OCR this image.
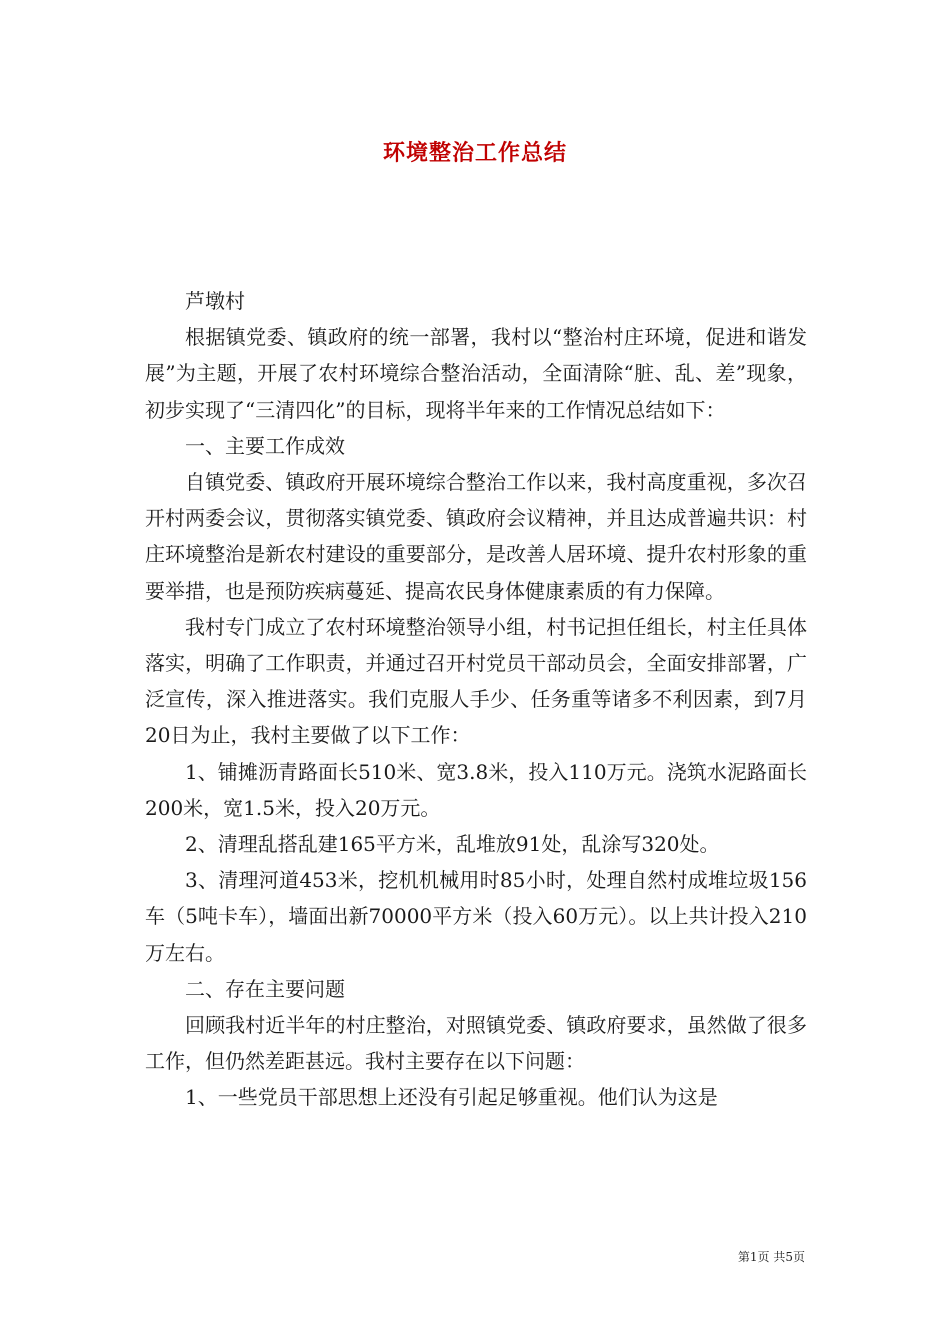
环境整治工作总结

芦墩村

根据镇党委、镇政府的统一部署，我村以“整治村庄环境，促进和谐发展”为主题，开展了农村环境综合整治活动，全面清除“脏、乱、差”现象，初步实现了“三清四化”的目标，现将半年来的工作情况总结如下：

一、主要工作成效

自镇党委、镇政府开展环境综合整治工作以来，我村高度重视，多次召开村两委会议，贯彻落实镇党委、镇政府会议精神，并且达成普遍共识：村庄环境整治是新农村建设的重要部分，是改善人居环境、提升农村形象的重要举措，也是预防疾病蔓延、提高农民身体健康素质的有力保障。

我村专门成立了农村环境整治领导小组，村书记担任组长，村主任具体落实，明确了工作职责，并通过召开村党员干部动员会，全面安排部署，广泛宣传，深入推进落实。我们克服人手少、任务重等诸多不利因素，到7月20日为止，我村主要做了以下工作：

1、铺摊沥青路面长510米、宽3.8米，投入110万元。浇筑水泥路面长200米，宽1.5米，投入20万元。

2、清理乱搭乱建165平方米，乱堆放91处，乱涂写320处。

3、清理河道453米，挖机机械用时85小时，处理自然村成堆垃圾156车（5吨卡车），墙面出新70000平方米（投入60万元）。以上共计投入210万左右。

二、存在主要问题

回顾我村近半年的村庄整治，对照镇党委、镇政府要求，虽然做了很多工作，但仍然差距甚远。我村主要存在以下问题：

1、一些党员干部思想上还没有引起足够重视。他们认为这是

第1页 共5页
